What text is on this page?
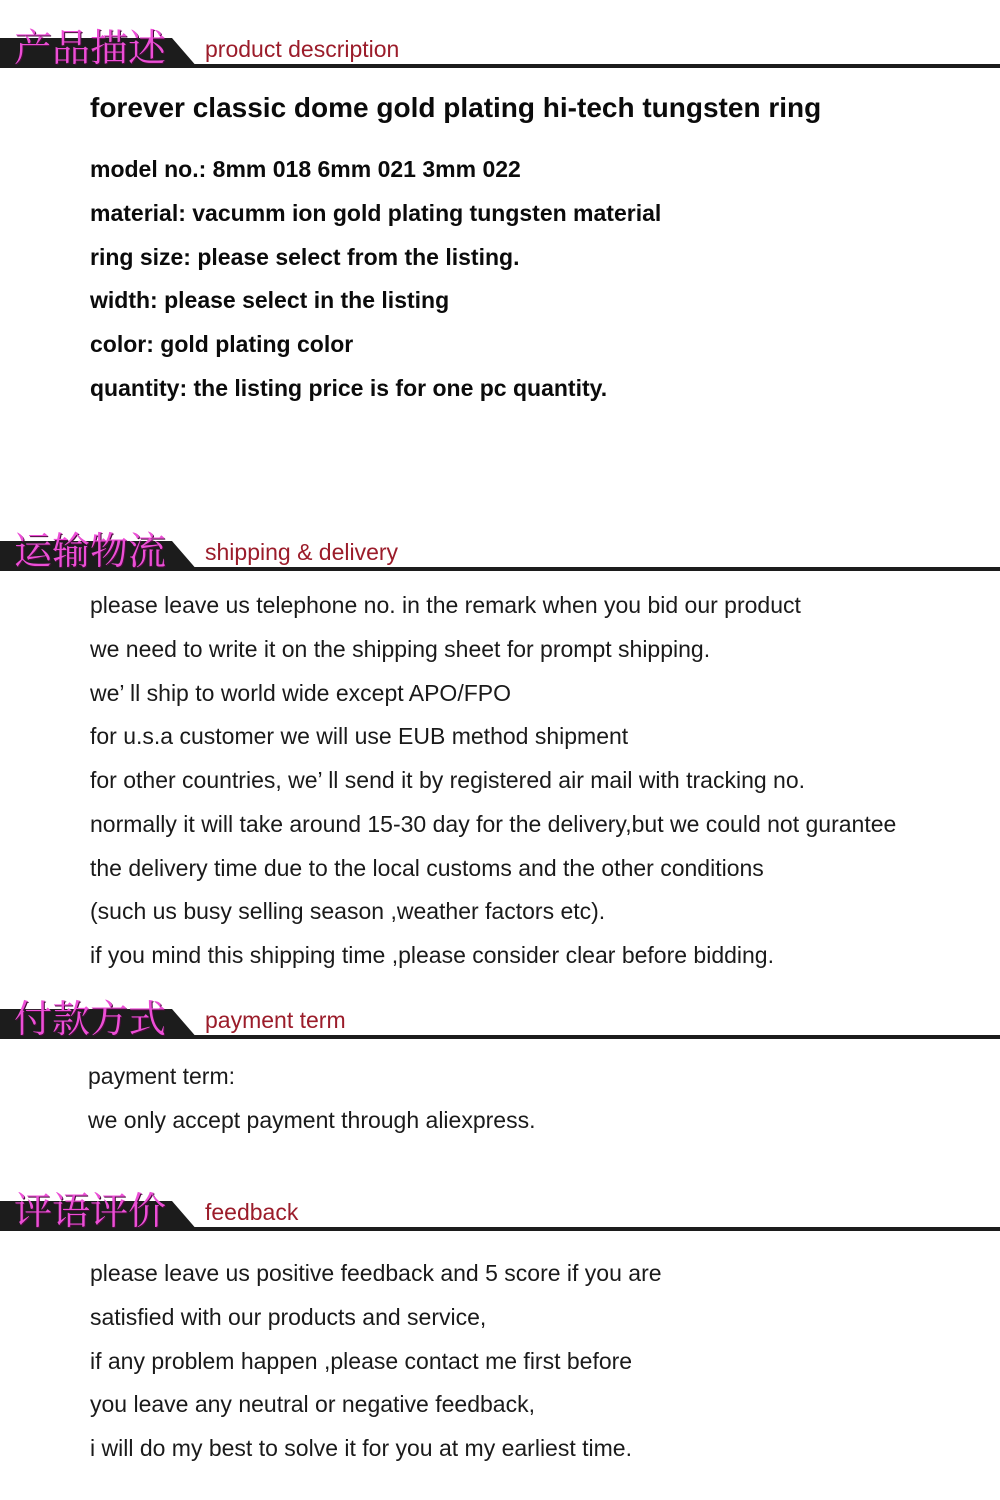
产品描述 product description
forever classic dome gold plating hi-tech tungsten ring
model no.: 8mm 018 6mm 021 3mm 022
material: vacumm ion gold plating tungsten material
ring size: please select from the listing.
width: please select in the listing
color: gold plating color
quantity: the listing price is for one pc quantity.
运输物流 shipping & delivery
please leave us telephone no. in the remark when you bid our product
we need to write it on the shipping sheet for prompt shipping.
we’ ll ship to world wide except APO/FPO
for u.s.a customer we will use EUB method shipment
for other countries, we’ ll send it by registered air mail with tracking no.
normally it will take around 15-30 day for the delivery,but we could not gurantee
the delivery time due to the local customs and the other conditions
(such us busy selling season ,weather factors etc).
if you mind this shipping time ,please consider clear before bidding.
付款方式 payment term
payment term:
we only accept payment through aliexpress.
评语评价 feedback
please leave us positive feedback and 5 score if you are
satisfied with our products and service,
if any problem happen ,please contact me first before
you leave any neutral or negative feedback,
i will do my best to solve it for you at my earliest time.
